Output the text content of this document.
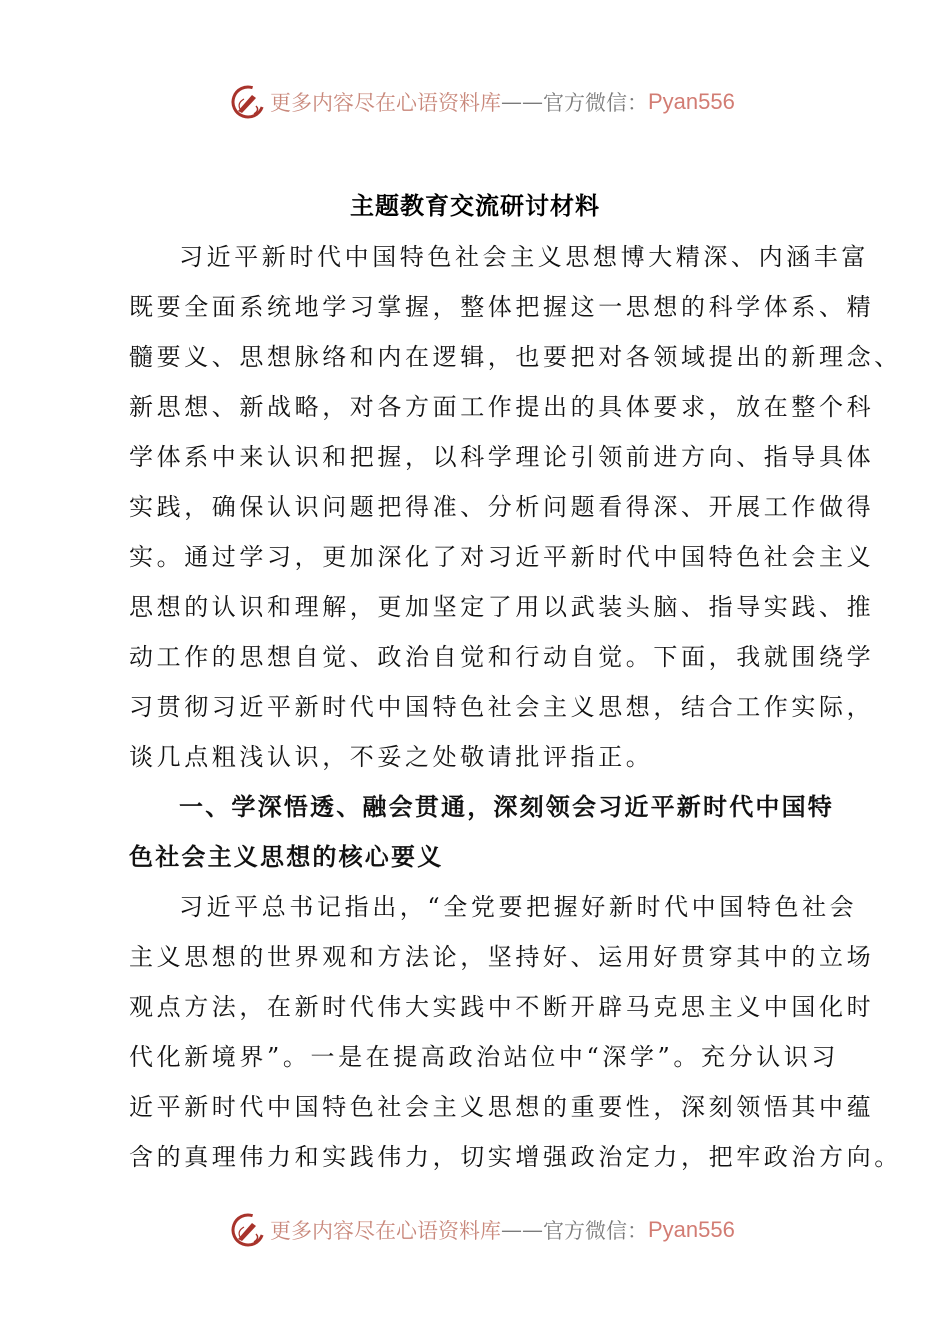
更多内容尽在心语资料库 —— 官方微信： Pyan556
主题教育交流研讨材料
习近平新时代中国特色社会主义思想博大精深、内涵丰富
既要全面系统地学习掌握，整体把握这一思想的科学体系、精
髓要义、思想脉络和内在逻辑，也要把对各领域提出的新理念、
新思想、新战略，对各方面工作提出的具体要求，放在整个科
学体系中来认识和把握，以科学理论引领前进方向、指导具体
实践，确保认识问题把得准、分析问题看得深、开展工作做得
实。通过学习，更加深化了对习近平新时代中国特色社会主义
思想的认识和理解，更加坚定了用以武装头脑、指导实践、推
动工作的思想自觉、政治自觉和行动自觉。下面，我就围绕学
习贯彻习近平新时代中国特色社会主义思想，结合工作实际，
谈几点粗浅认识，不妥之处敬请批评指正。
一、学深悟透、融会贯通，深刻领会习近平新时代中国特
色社会主义思想的核心要义
习近平总书记指出，“全党要把握好新时代中国特色社会
主义思想的世界观和方法论，坚持好、运用好贯穿其中的立场
观点方法，在新时代伟大实践中不断开辟马克思主义中国化时
代化新境界”。一是在提高政治站位中“深学”。充分认识习
近平新时代中国特色社会主义思想的重要性，深刻领悟其中蕴
含的真理伟力和实践伟力，切实增强政治定力，把牢政治方向。
更多内容尽在心语资料库 —— 官方微信： Pyan556
